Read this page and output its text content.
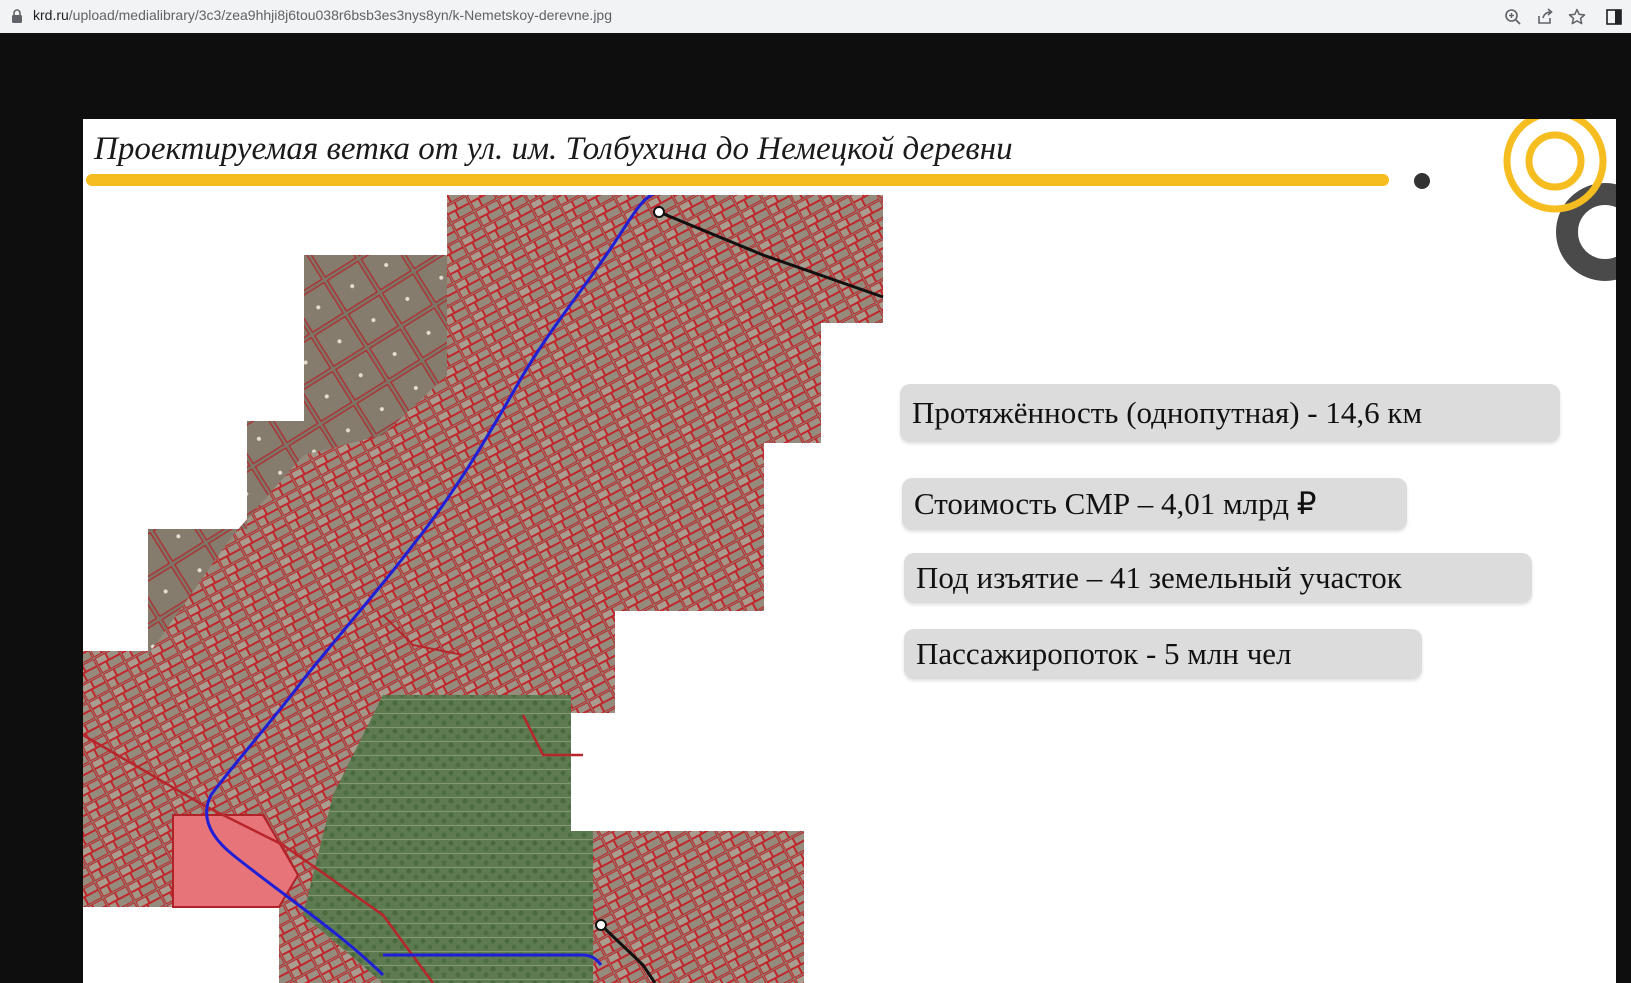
krd.ru/upload/medialibrary/3c3/zea9hhji8j6tou038r6bsb3es3nys8yn/k-Nemetskoy-derevne.jpg
Проектируемая ветка от ул. им. Толбухина до Немецкой деревни
Протяжённость (однопутная) - 14,6 км
Стоимость СМР – 4,01 млрд ₽
Под изъятие – 41 земельный участок
Пассажиропоток - 5 млн чел
